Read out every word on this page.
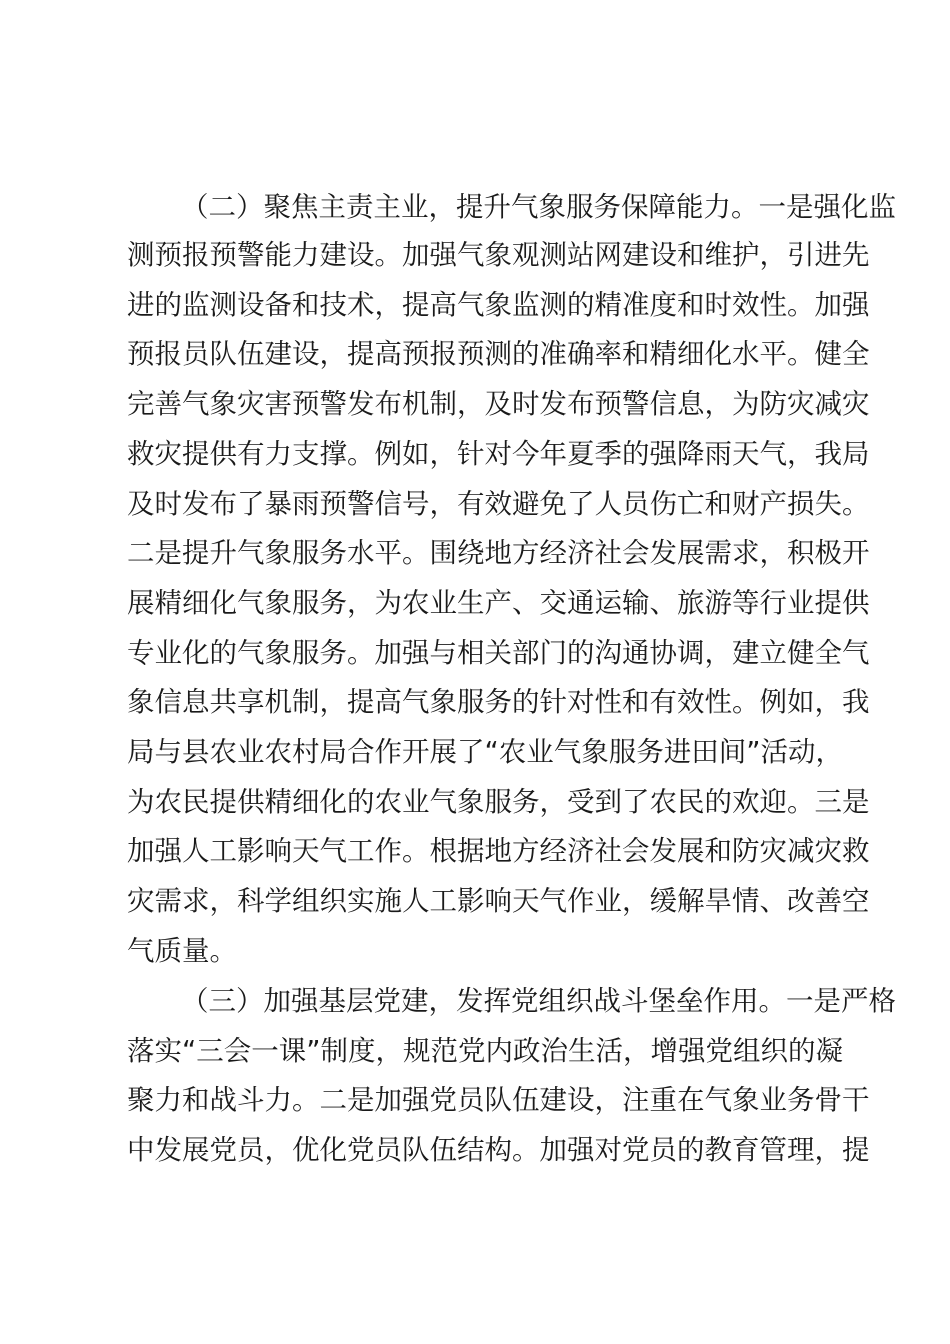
（二）聚焦主责主业，提升气象服务保障能力。一是强化监
测预报预警能力建设。加强气象观测站网建设和维护，引进先
进的监测设备和技术，提高气象监测的精准度和时效性。加强
预报员队伍建设，提高预报预测的准确率和精细化水平。健全
完善气象灾害预警发布机制，及时发布预警信息，为防灾减灾
救灾提供有力支撑。例如，针对今年夏季的强降雨天气，我局
及时发布了暴雨预警信号，有效避免了人员伤亡和财产损失。
二是提升气象服务水平。围绕地方经济社会发展需求，积极开
展精细化气象服务，为农业生产、交通运输、旅游等行业提供
专业化的气象服务。加强与相关部门的沟通协调，建立健全气
象信息共享机制，提高气象服务的针对性和有效性。例如，我
局与县农业农村局合作开展了“农业气象服务进田间”活动，
为农民提供精细化的农业气象服务，受到了农民的欢迎。三是
加强人工影响天气工作。根据地方经济社会发展和防灾减灾救
灾需求，科学组织实施人工影响天气作业，缓解旱情、改善空
气质量。
（三）加强基层党建，发挥党组织战斗堡垒作用。一是严格
落实“三会一课”制度，规范党内政治生活，增强党组织的凝
聚力和战斗力。二是加强党员队伍建设，注重在气象业务骨干
中发展党员，优化党员队伍结构。加强对党员的教育管理，提
